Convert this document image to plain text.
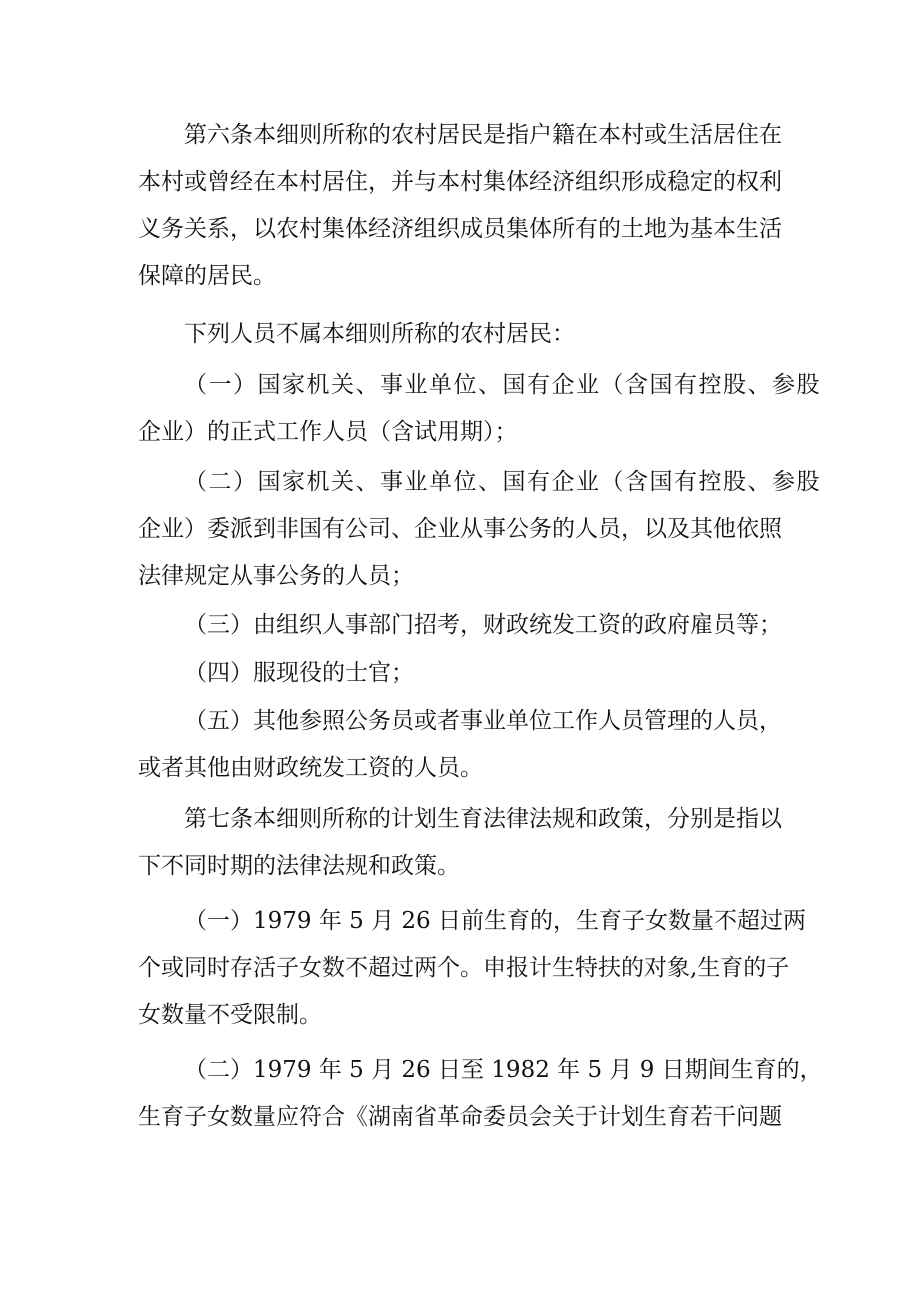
第六条本细则所称的农村居民是指户籍在本村或生活居住在
本村或曾经在本村居住，并与本村集体经济组织形成稳定的权利
义务关系，以农村集体经济组织成员集体所有的土地为基本生活
保障的居民。
下列人员不属本细则所称的农村居民：
（一）国家机关、事业单位、国有企业（含国有控股、参股
企业）的正式工作人员（含试用期）；
（二）国家机关、事业单位、国有企业（含国有控股、参股
企业）委派到非国有公司、企业从事公务的人员，以及其他依照
法律规定从事公务的人员；
（三）由组织人事部门招考，财政统发工资的政府雇员等；
（四）服现役的士官；
（五）其他参照公务员或者事业单位工作人员管理的人员，
或者其他由财政统发工资的人员。
第七条本细则所称的计划生育法律法规和政策，分别是指以
下不同时期的法律法规和政策。
（一）1979 年 5 月 26 日前生育的，生育子女数量不超过两
个或同时存活子女数不超过两个。申报计生特扶的对象,生育的子
女数量不受限制。
（二）1979 年 5 月 26 日至 1982 年 5 月 9 日期间生育的，
生育子女数量应符合《湖南省革命委员会关于计划生育若干问题
